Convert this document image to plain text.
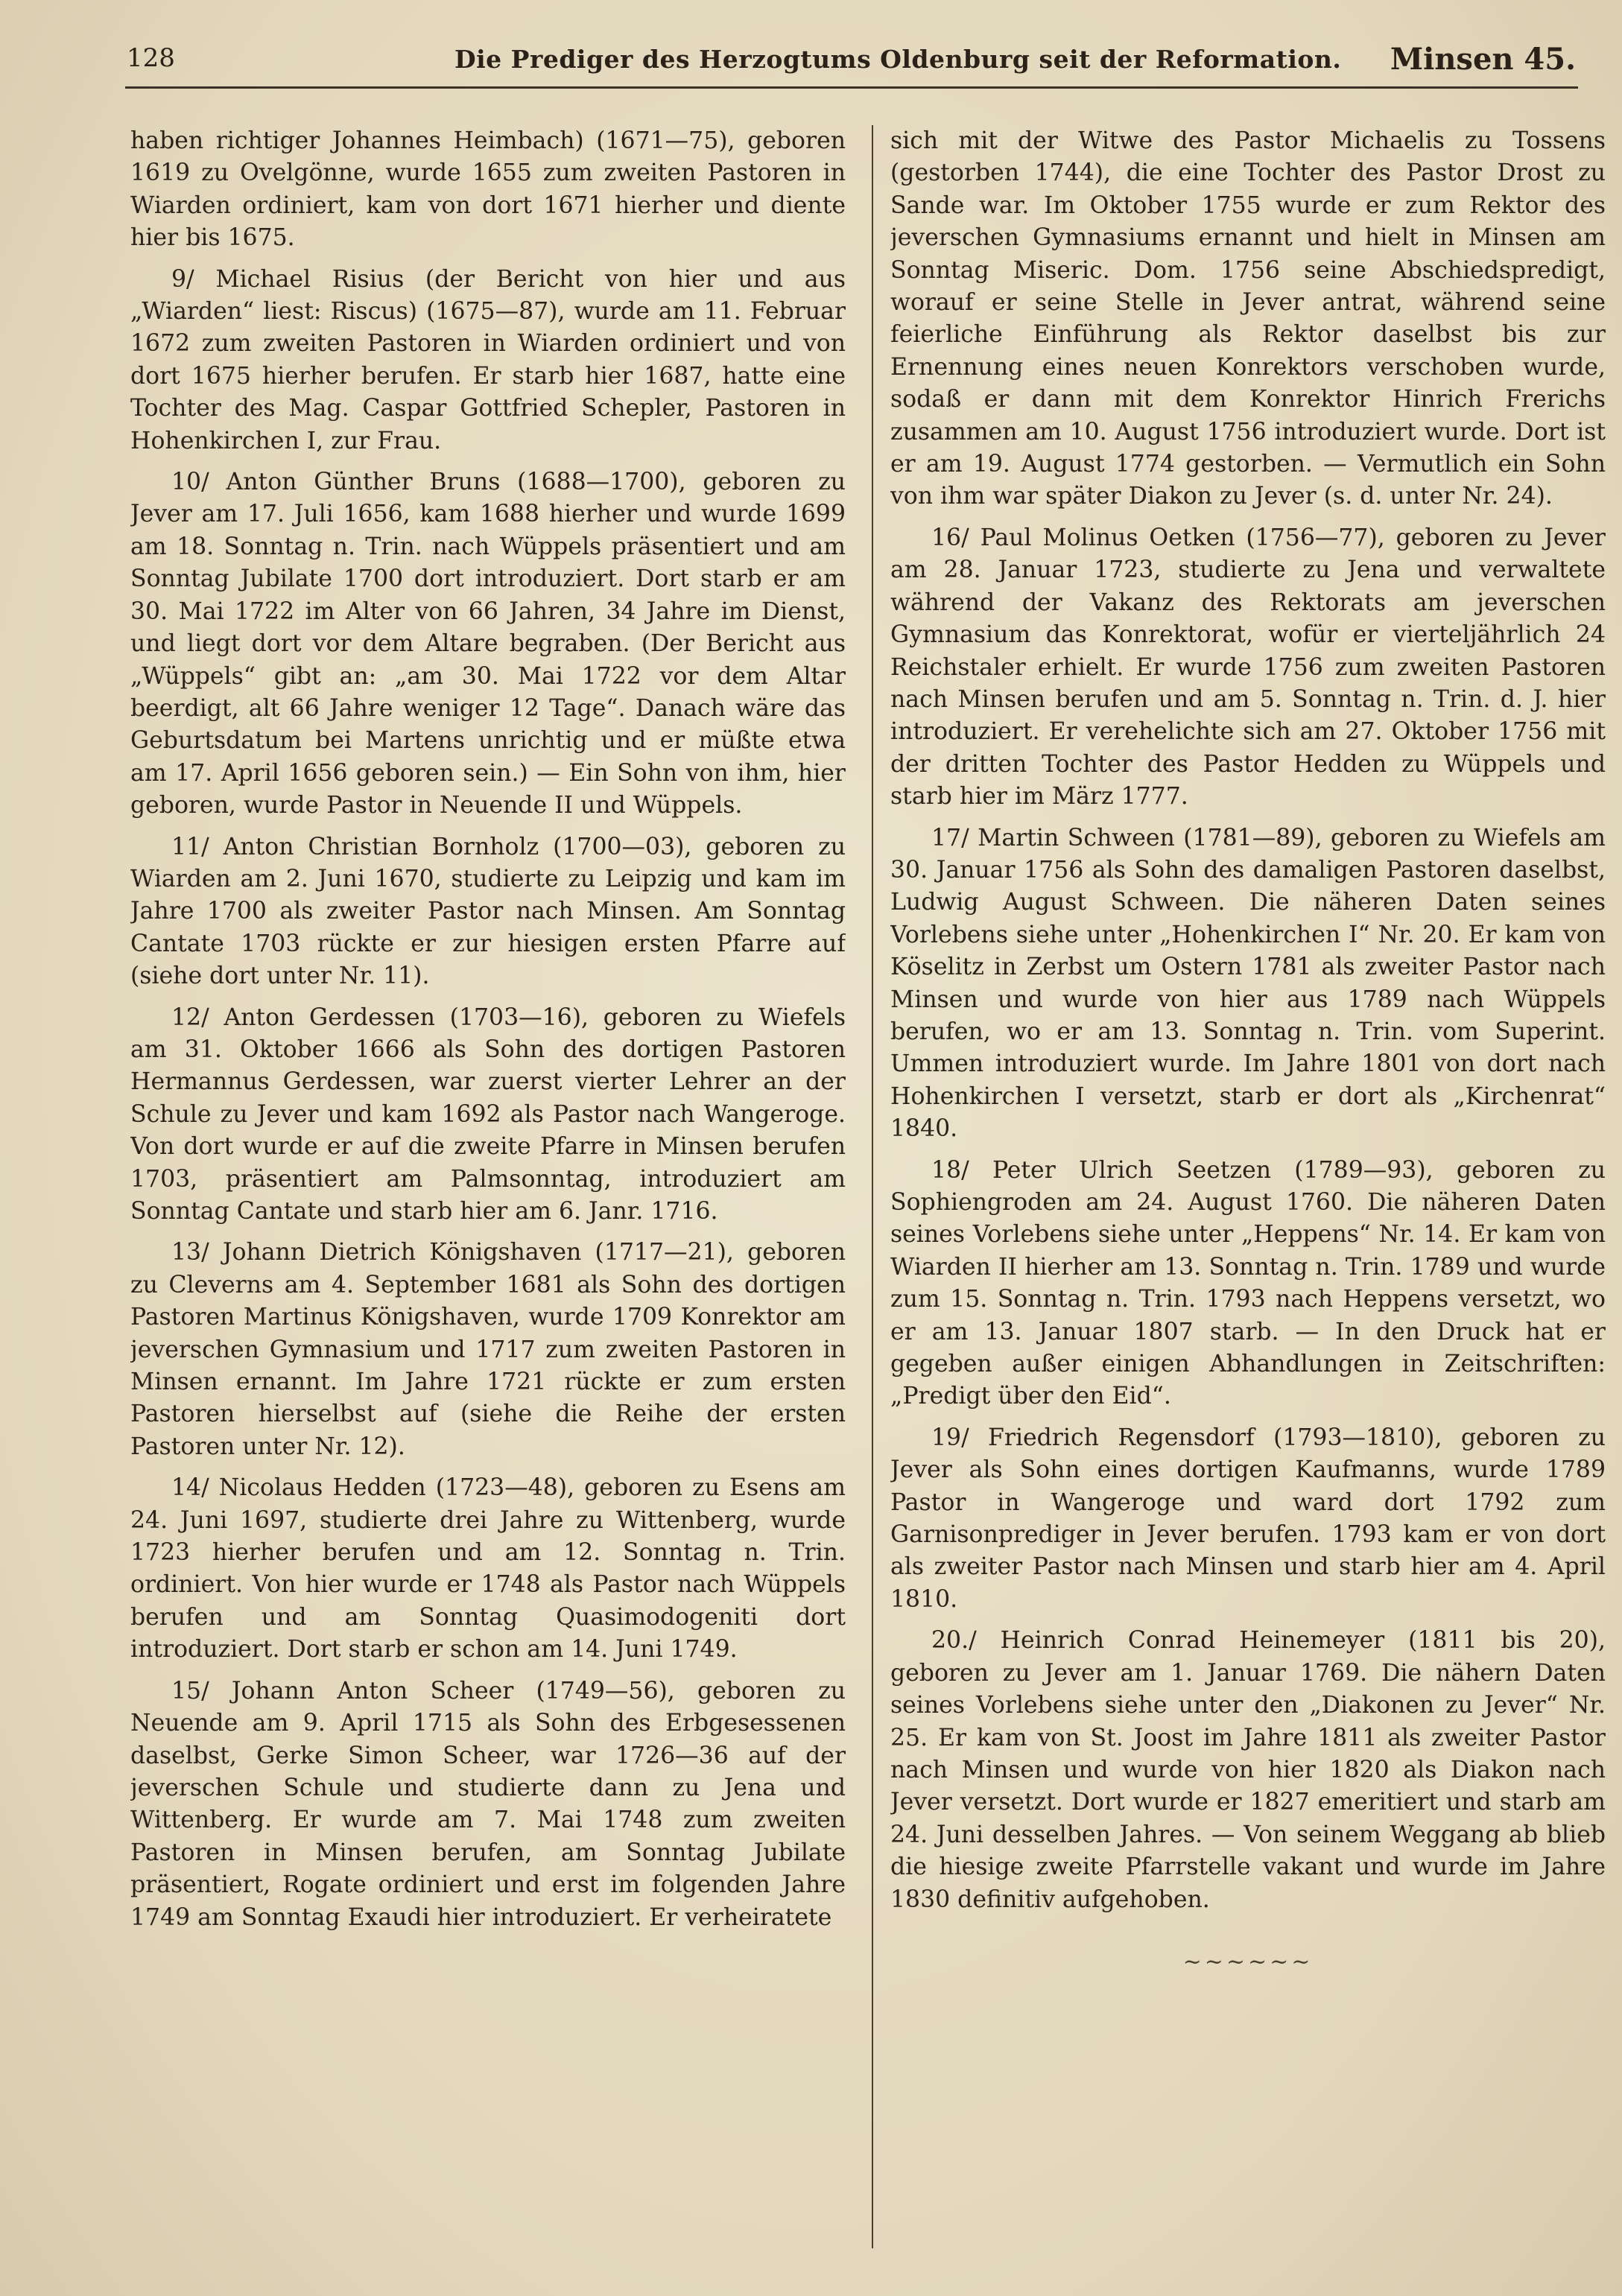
128	Die Prediger des Herzogtums Oldenburg seit der Reformation. Minsen 45.

haben richtiger Johannes Heimbach) (1671—75), geboren 1619 zu Ovelgönne, wurde 1655 zum zweiten Pastoren in Wiarden ordiniert, kam von dort 1671 hierher und diente hier bis 1675.

9/ Michael Risius (der Bericht von hier und aus „Wiarden“ liest: Riscus) (1675—87), wurde am 11. Februar 1672 zum zweiten Pastoren in Wiarden ordiniert und von dort 1675 hierher berufen. Er starb hier 1687, hatte eine Tochter des Mag. Caspar Gottfried Schepler, Pastoren in Hohenkirchen I, zur Frau.

10/ Anton Günther Bruns (1688—1700), geboren zu Jever am 17. Juli 1656, kam 1688 hierher und wurde 1699 am 18. Sonntag n. Trin. nach Wüppels präsentiert und am Sonntag Jubilate 1700 dort introduziert. Dort starb er am 30. Mai 1722 im Alter von 66 Jahren, 34 Jahre im Dienst, und liegt dort vor dem Altare begraben. (Der Bericht aus „Wüppels“ gibt an: „am 30. Mai 1722 vor dem Altar beerdigt, alt 66 Jahre weniger 12 Tage“. Danach wäre das Geburtsdatum bei Martens unrichtig und er müßte etwa am 17. April 1656 geboren sein.) — Ein Sohn von ihm, hier geboren, wurde Pastor in Neuende II und Wüppels.

11/ Anton Christian Bornholz (1700—03), geboren zu Wiarden am 2. Juni 1670, studierte zu Leipzig und kam im Jahre 1700 als zweiter Pastor nach Minsen. Am Sonntag Cantate 1703 rückte er zur hiesigen ersten Pfarre auf (siehe dort unter Nr. 11).

12/ Anton Gerdessen (1703—16), geboren zu Wiefels am 31. Oktober 1666 als Sohn des dortigen Pastoren Hermannus Gerdessen, war zuerst vierter Lehrer an der Schule zu Jever und kam 1692 als Pastor nach Wangeroge. Von dort wurde er auf die zweite Pfarre in Minsen berufen 1703, präsentiert am Palmsonntag, introduziert am Sonntag Cantate und starb hier am 6. Janr. 1716.

13/ Johann Dietrich Königshaven (1717—21), geboren zu Cleverns am 4. September 1681 als Sohn des dortigen Pastoren Martinus Königshaven, wurde 1709 Konrektor am jeverschen Gymnasium und 1717 zum zweiten Pastoren in Minsen ernannt. Im Jahre 1721 rückte er zum ersten Pastoren hierselbst auf (siehe die Reihe der ersten Pastoren unter Nr. 12).

14/ Nicolaus Hedden (1723—48), geboren zu Esens am 24. Juni 1697, studierte drei Jahre zu Wittenberg, wurde 1723 hierher berufen und am 12. Sonntag n. Trin. ordiniert. Von hier wurde er 1748 als Pastor nach Wüppels berufen und am Sonntag Quasimodogeniti dort introduziert. Dort starb er schon am 14. Juni 1749.

15/ Johann Anton Scheer (1749—56), geboren zu Neuende am 9. April 1715 als Sohn des Erbgesessenen daselbst, Gerke Simon Scheer, war 1726—36 auf der jeverschen Schule und studierte dann zu Jena und Wittenberg. Er wurde am 7. Mai 1748 zum zweiten Pastoren in Minsen berufen, am Sonntag Jubilate präsentiert, Rogate ordiniert und erst im folgenden Jahre 1749 am Sonntag Exaudi hier introduziert. Er verheiratete

sich mit der Witwe des Pastor Michaelis zu Tossens (gestorben 1744), die eine Tochter des Pastor Drost zu Sande war. Im Oktober 1755 wurde er zum Rektor des jeverschen Gymnasiums ernannt und hielt in Minsen am Sonntag Miseric. Dom. 1756 seine Abschiedspredigt, worauf er seine Stelle in Jever antrat, während seine feierliche Einführung als Rektor daselbst bis zur Ernennung eines neuen Konrektors verschoben wurde, sodaß er dann mit dem Konrektor Hinrich Frerichs zusammen am 10. August 1756 introduziert wurde. Dort ist er am 19. August 1774 gestorben. — Vermutlich ein Sohn von ihm war später Diakon zu Jever (s. d. unter Nr. 24).

16/ Paul Molinus Oetken (1756—77), geboren zu Jever am 28. Januar 1723, studierte zu Jena und verwaltete während der Vakanz des Rektorats am jeverschen Gymnasium das Konrektorat, wofür er vierteljährlich 24 Reichstaler erhielt. Er wurde 1756 zum zweiten Pastoren nach Minsen berufen und am 5. Sonntag n. Trin. d. J. hier introduziert. Er verehelichte sich am 27. Oktober 1756 mit der dritten Tochter des Pastor Hedden zu Wüppels und starb hier im März 1777.

17/ Martin Schween (1781—89), geboren zu Wiefels am 30. Januar 1756 als Sohn des damaligen Pastoren daselbst, Ludwig August Schween. Die näheren Daten seines Vorlebens siehe unter „Hohenkirchen I“ Nr. 20. Er kam von Köselitz in Zerbst um Ostern 1781 als zweiter Pastor nach Minsen und wurde von hier aus 1789 nach Wüppels berufen, wo er am 13. Sonntag n. Trin. vom Superint. Ummen introduziert wurde. Im Jahre 1801 von dort nach Hohenkirchen I versetzt, starb er dort als „Kirchenrat“ 1840.

18/ Peter Ulrich Seetzen (1789—93), geboren zu Sophiengroden am 24. August 1760. Die näheren Daten seines Vorlebens siehe unter „Heppens“ Nr. 14. Er kam von Wiarden II hierher am 13. Sonntag n. Trin. 1789 und wurde zum 15. Sonntag n. Trin. 1793 nach Heppens versetzt, wo er am 13. Januar 1807 starb. — In den Druck hat er gegeben außer einigen Abhandlungen in Zeitschriften: „Predigt über den Eid“.

19/ Friedrich Regensdorf (1793—1810), geboren zu Jever als Sohn eines dortigen Kaufmanns, wurde 1789 Pastor in Wangeroge und ward dort 1792 zum Garnisonprediger in Jever berufen. 1793 kam er von dort als zweiter Pastor nach Minsen und starb hier am 4. April 1810.

20./ Heinrich Conrad Heinemeyer (1811 bis 20), geboren zu Jever am 1. Januar 1769. Die nähern Daten seines Vorlebens siehe unter den „Diakonen zu Jever“ Nr. 25. Er kam von St. Joost im Jahre 1811 als zweiter Pastor nach Minsen und wurde von hier 1820 als Diakon nach Jever versetzt. Dort wurde er 1827 emeritiert und starb am 24. Juni desselben Jahres. — Von seinem Weggang ab blieb die hiesige zweite Pfarrstelle vakant und wurde im Jahre 1830 definitiv aufgehoben.

~~~~~~
